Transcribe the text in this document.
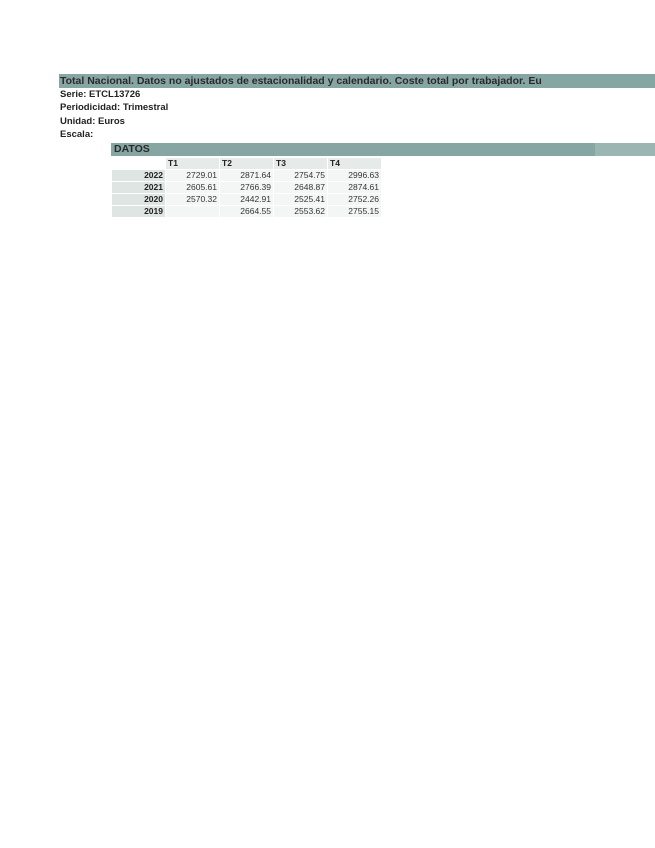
Total Nacional. Datos no ajustados de estacionalidad y calendario. Coste total por trabajador. Eu
Serie: ETCL13726
Periodicidad: Trimestral
Unidad: Euros
Escala:
DATOS
	T1	T2	T3	T4
2022	2729.01	2871.64	2754.75	2996.63
2021	2605.61	2766.39	2648.87	2874.61
2020	2570.32	2442.91	2525.41	2752.26
2019		2664.55	2553.62	2755.15
